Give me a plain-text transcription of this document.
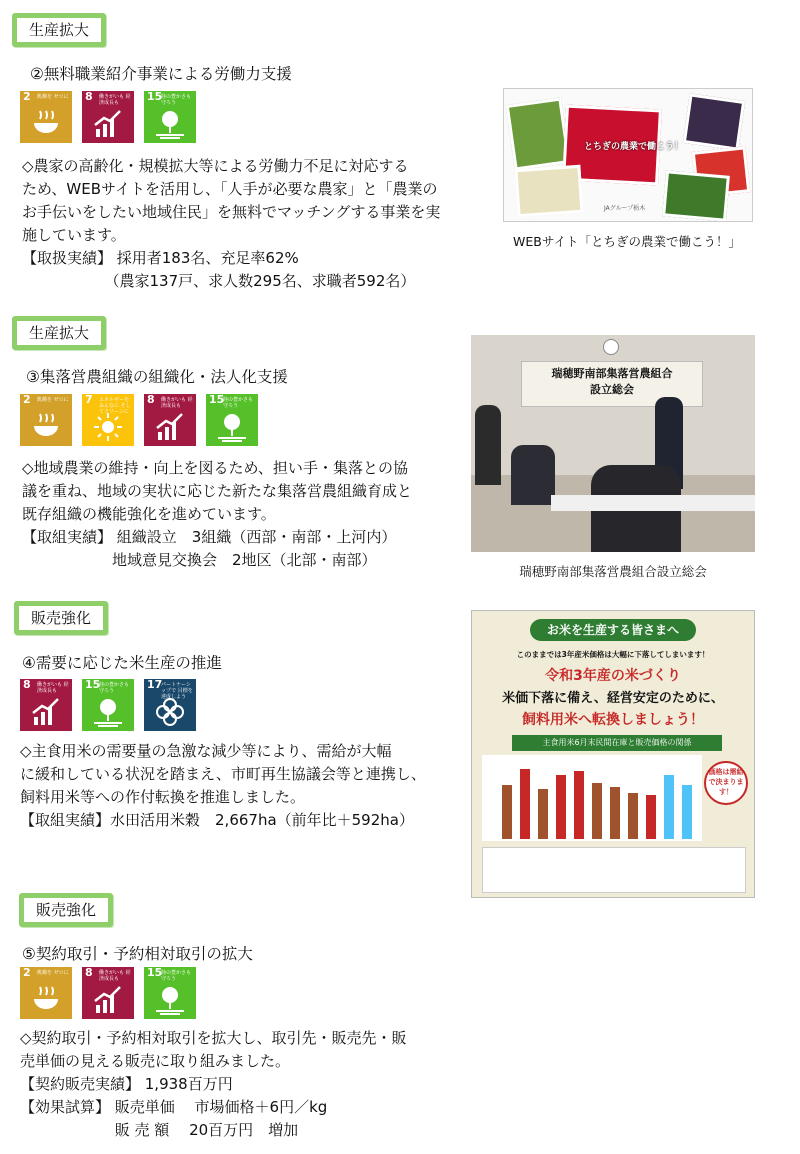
生産拡大
②無料職業紹介事業による労働力支援
2 飢餓を ゼロに 8 働きがいも 経済成長も	15
陸の豊かさも 守ろう
◇農家の高齢化・規模拡大等による労働力不足に対応する
ため、WEBサイトを活用し、「人手が必要な農家」と「農業の
お手伝いをしたい地域住民」を無料でマッチングする事業を実
施しています。
【取扱実績】 採用者183名、充足率62%
　　　　　　（農家137戸、求人数295名、求職者592名）
とちぎの農業で働こう！
JAグループ栃木
WEBサイト「とちぎの農業で働こう！」
生産拡大
③集落営農組織の組織化・法人化支援
2 飢餓を ゼロに 7 エネルギーをみんなに そしてクリーンに
8 働きがいも 経済成長も	15
陸の豊かさも 守ろう
◇地域農業の維持・向上を図るため、担い手・集落との協
議を重ね、地域の実状に応じた新たな集落営農組織育成と
既存組織の機能強化を進めています。
【取組実績】 組織設立　3組織（西部・南部・上河内）
　　　　　　地域意見交換会　2地区（北部・南部）
瑞穂野南部集落営農組合
設立総会
瑞穂野南部集落営農組合設立総会
販売強化
④需要に応じた米生産の推進
8 働きがいも 経済成長も	15
陸の豊かさも 守ろう	17
パートナーシップで 目標を達成しよう
◇主食用米の需要量の急激な減少等により、需給が大幅
に緩和している状況を踏まえ、市町再生協議会等と連携し、
飼料用米等への作付転換を推進しました。
【取組実績】水田活用米穀　2,667ha（前年比＋592ha）
お米を生産する皆さまへ
このままでは3年産米価格は大幅に下落してしまいます！
令和3年産の米づくり
米価下落に備え、経営安定のために、
飼料用米へ転換しましょう！
主食用米6月末民間在庫と販売価格の関係
価格は需給で決まります！
販売強化
⑤契約取引・予約相対取引の拡大
2 飢餓を ゼロに 8 働きがいも 経済成長も	15
陸の豊かさも 守ろう
◇契約取引・予約相対取引を拡大し、取引先・販売先・販
売単価の見える販売に取り組みました。
【契約販売実績】 1,938百万円
【効果試算】 販売単価　 市場価格＋6円／kg
　　　　　　 販 売 額　 20百万円　増加
